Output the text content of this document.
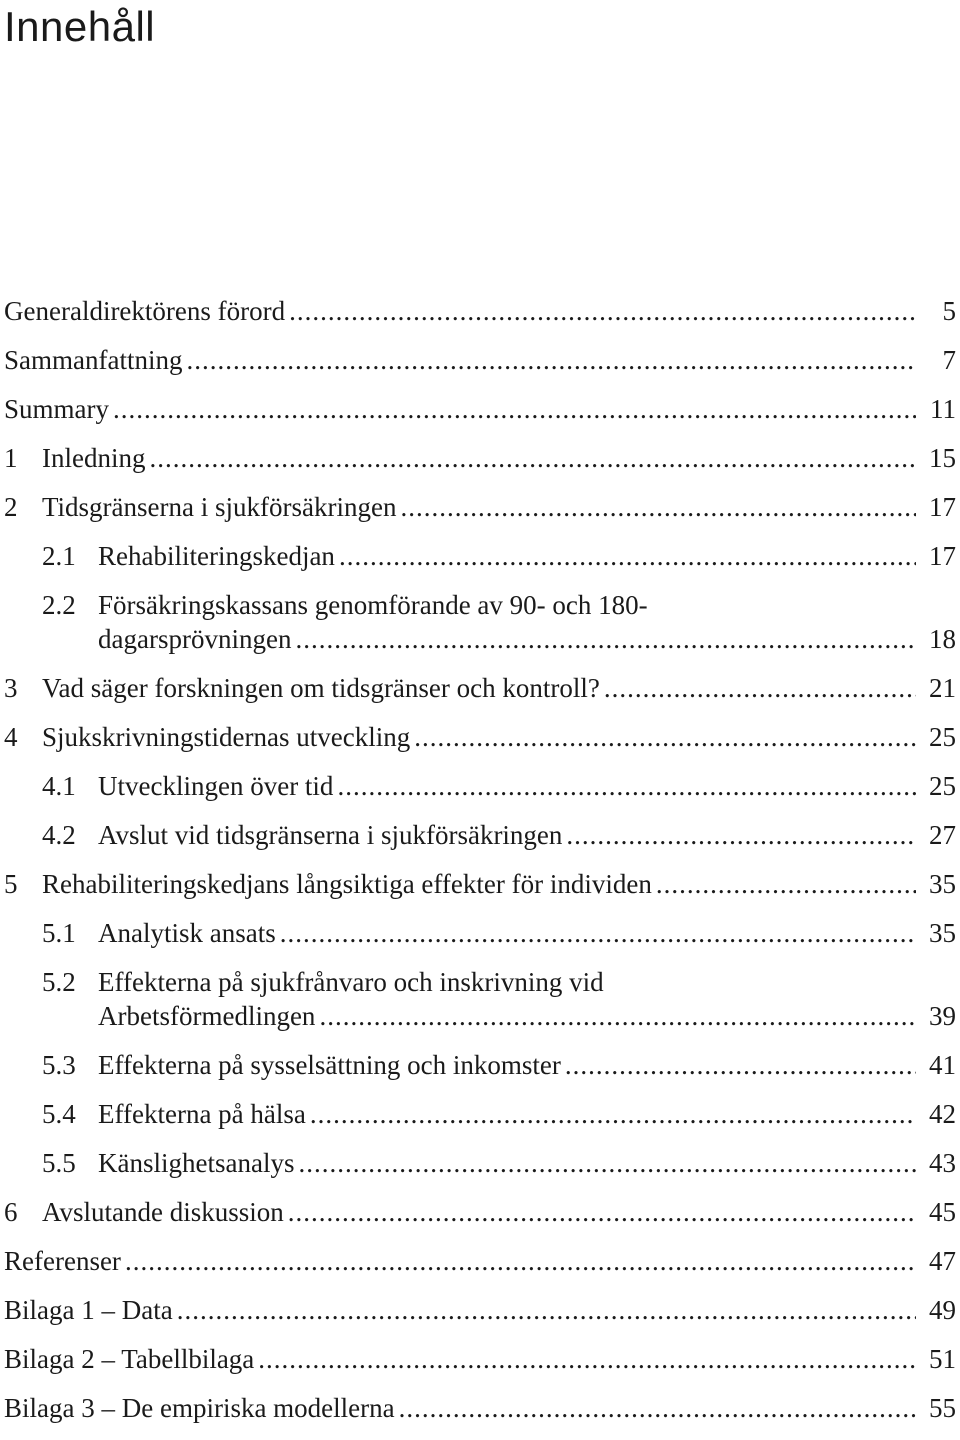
Innehåll
Generaldirektörens förord .....	5
Sammanfattning .....	7
Summary .....	11
1 Inledning .....	15
2 Tidsgränserna i sjukförsäkringen .....	17
2.1 Rehabiliteringskedjan .....	17
2.2 Försäkringskassans genomförande av 90- och 180-
dagarsprövningen .....	18
3 Vad säger forskningen om tidsgränser och kontroll? .....	21
4 Sjukskrivningstidernas utveckling .....	25
4.1 Utvecklingen över tid .....	25
4.2 Avslut vid tidsgränserna i sjukförsäkringen .....	27
5 Rehabiliteringskedjans långsiktiga effekter för individen .....	35
5.1 Analytisk ansats .....	35
5.2 Effekterna på sjukfrånvaro och inskrivning vid
Arbetsförmedlingen .....	39
5.3 Effekterna på sysselsättning och inkomster .....	41
5.4 Effekterna på hälsa .....	42
5.5 Känslighetsanalys .....	43
6 Avslutande diskussion .....	45
Referenser .....	47
Bilaga 1 – Data .....	49
Bilaga 2 – Tabellbilaga .....	51
Bilaga 3 – De empiriska modellerna .....	55
